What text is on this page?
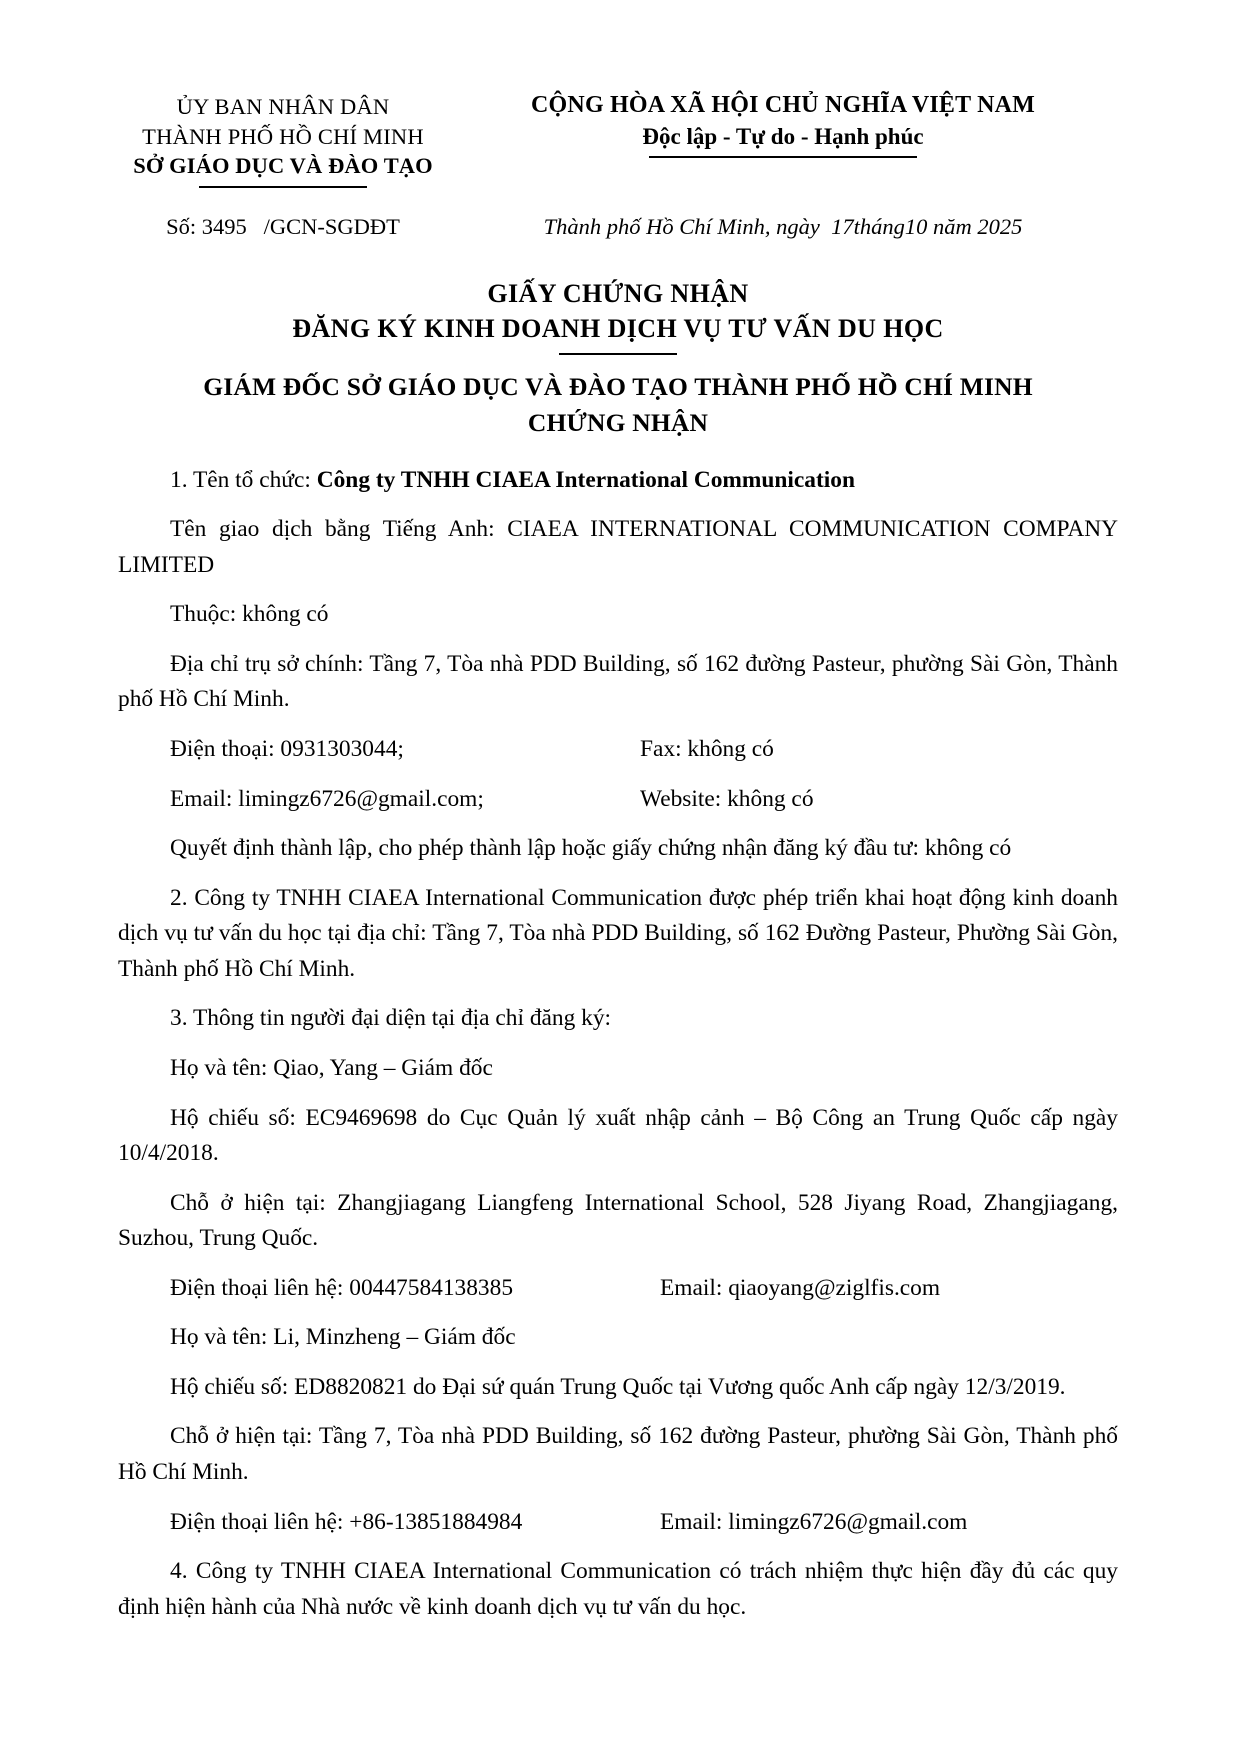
ỦY BAN NHÂN DÂN
THÀNH PHỐ HỒ CHÍ MINH
SỞ GIÁO DỤC VÀ ĐÀO TẠO
CỘNG HÒA XÃ HỘI CHỦ NGHĨA VIỆT NAM
Độc lập - Tự do - Hạnh phúc
Số: 3495 /GCN-SGDĐT	Thành phố Hồ Chí Minh, ngày 17tháng10 năm 2025
GIẤY CHỨNG NHẬN
ĐĂNG KÝ KINH DOANH DỊCH VỤ TƯ VẤN DU HỌC
GIÁM ĐỐC SỞ GIÁO DỤC VÀ ĐÀO TẠO THÀNH PHỐ HỒ CHÍ MINH
CHỨNG NHẬN

1. Tên tổ chức: Công ty TNHH CIAEA International Communication

Tên giao dịch bằng Tiếng Anh: CIAEA INTERNATIONAL COMMUNICATION COMPANY LIMITED

Thuộc: không có

Địa chỉ trụ sở chính: Tầng 7, Tòa nhà PDD Building, số 162 đường Pasteur, phường Sài Gòn, Thành phố Hồ Chí Minh.

Điện thoại: 0931303044;	Fax: không có
Email: limingz6726@gmail.com;	Website: không có

Quyết định thành lập, cho phép thành lập hoặc giấy chứng nhận đăng ký đầu tư: không có

2. Công ty TNHH CIAEA International Communication được phép triển khai hoạt động kinh doanh dịch vụ tư vấn du học tại địa chỉ: Tầng 7, Tòa nhà PDD Building, số 162 Đường Pasteur, Phường Sài Gòn, Thành phố Hồ Chí Minh.

3. Thông tin người đại diện tại địa chỉ đăng ký:

Họ và tên: Qiao, Yang – Giám đốc

Hộ chiếu số: EC9469698 do Cục Quản lý xuất nhập cảnh – Bộ Công an Trung Quốc cấp ngày 10/4/2018.

Chỗ ở hiện tại: Zhangjiagang Liangfeng International School, 528 Jiyang Road, Zhangjiagang, Suzhou, Trung Quốc.

Điện thoại liên hệ: 00447584138385	Email: qiaoyang@ziglfis.com

Họ và tên: Li, Minzheng – Giám đốc

Hộ chiếu số: ED8820821 do Đại sứ quán Trung Quốc tại Vương quốc Anh cấp ngày 12/3/2019.

Chỗ ở hiện tại: Tầng 7, Tòa nhà PDD Building, số 162 đường Pasteur, phường Sài Gòn, Thành phố Hồ Chí Minh.

Điện thoại liên hệ: +86-13851884984	Email: limingz6726@gmail.com

4. Công ty TNHH CIAEA International Communication có trách nhiệm thực hiện đầy đủ các quy định hiện hành của Nhà nước về kinh doanh dịch vụ tư vấn du học.
